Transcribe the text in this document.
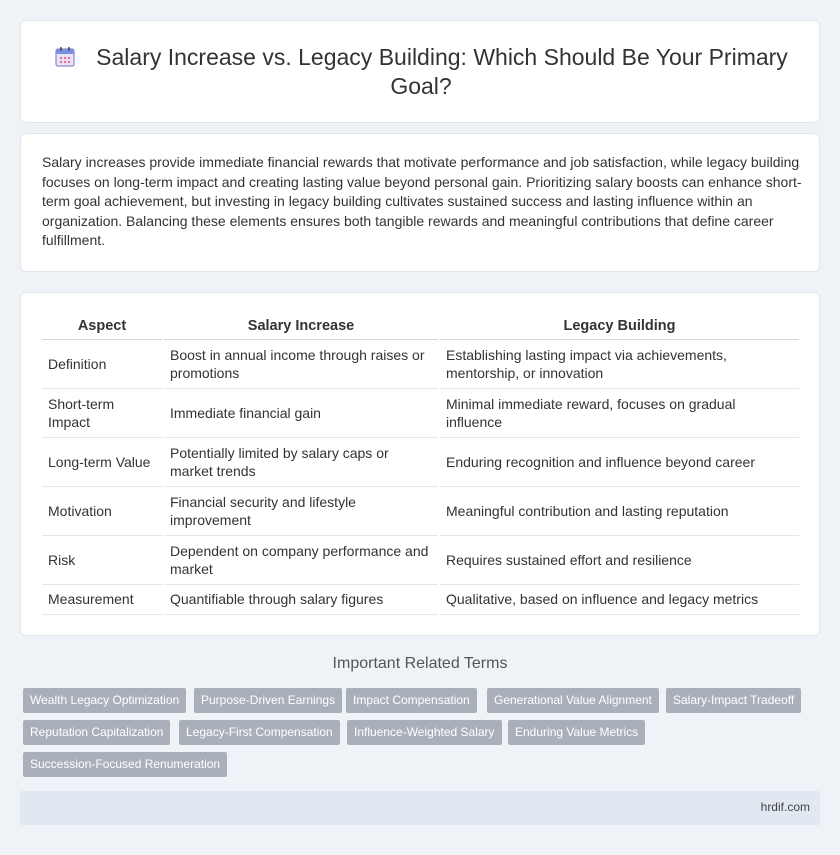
Salary Increase vs. Legacy Building: Which Should Be Your Primary Goal?

Salary increases provide immediate financial rewards that motivate performance and job satisfaction, while legacy building focuses on long-term impact and creating lasting value beyond personal gain. Prioritizing salary boosts can enhance short-term goal achievement, but investing in legacy building cultivates sustained success and lasting influence within an organization. Balancing these elements ensures both tangible rewards and meaningful contributions that define career fulfillment.

Aspect	Salary Increase	Legacy Building
Definition	Boost in annual income through raises or promotions	Establishing lasting impact via achievements, mentorship, or innovation
Short-term Impact	Immediate financial gain	Minimal immediate reward, focuses on gradual influence
Long-term Value	Potentially limited by salary caps or market trends	Enduring recognition and influence beyond career
Motivation	Financial security and lifestyle improvement	Meaningful contribution and lasting reputation
Risk	Dependent on company performance and market	Requires sustained effort and resilience
Measurement	Quantifiable through salary figures	Qualitative, based on influence and legacy metrics
Important Related Terms
Wealth Legacy Optimization	Purpose-Driven Earnings	Impact Compensation	Generational Value Alignment	Salary-Impact Tradeoff
Reputation Capitalization	Legacy-First Compensation	Influence-Weighted Salary	Enduring Value Metrics
Succession-Focused Renumeration
hrdif.com
